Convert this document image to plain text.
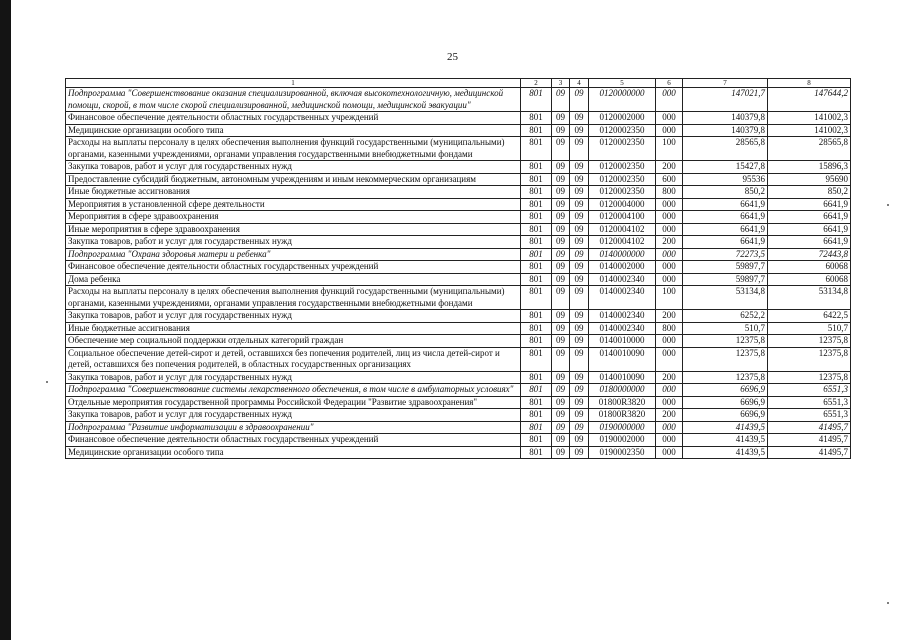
25
1	2	3	4	5	6	7	8
Подпрограмма "Совершенствование оказания специализированной, включая высокотехнологичную, медицинской помощи, скорой, в том числе скорой специализированной, медицинской помощи, медицинской эвакуации"	801	09	09	0120000000	000	147021,7	147644,2
Финансовое обеспечение деятельности областных государственных учреждений	801	09	09	0120002000	000	140379,8	141002,3
Медицинские организации особого типа	801	09	09	0120002350	000	140379,8	141002,3
Расходы на выплаты персоналу в целях обеспечения выполнения функций государственными (муниципальными) органами, казенными учреждениями, органами управления государственными внебюджетными фондами	801	09	09	0120002350	100	28565,8	28565,8
Закупка товаров, работ и услуг для государственных нужд	801	09	09	0120002350	200	15427,8	15896,3
Предоставление субсидий бюджетным, автономным учреждениям и иным некоммерческим организациям	801	09	09	0120002350	600	95536	95690
Иные бюджетные ассигнования	801	09	09	0120002350	800	850,2	850,2
Мероприятия в установленной сфере деятельности	801	09	09	0120004000	000	6641,9	6641,9
Мероприятия в сфере здравоохранения	801	09	09	0120004100	000	6641,9	6641,9
Иные мероприятия в сфере здравоохранения	801	09	09	0120004102	000	6641,9	6641,9
Закупка товаров, работ и услуг для государственных нужд	801	09	09	0120004102	200	6641,9	6641,9
Подпрограмма "Охрана здоровья матери и ребенка"	801	09	09	0140000000	000	72273,5	72443,8
Финансовое обеспечение деятельности областных государственных учреждений	801	09	09	0140002000	000	59897,7	60068
Дома ребенка	801	09	09	0140002340	000	59897,7	60068
Расходы на выплаты персоналу в целях обеспечения выполнения функций государственными (муниципальными) органами, казенными учреждениями, органами управления государственными внебюджетными фондами	801	09	09	0140002340	100	53134,8	53134,8
Закупка товаров, работ и услуг для государственных нужд	801	09	09	0140002340	200	6252,2	6422,5
Иные бюджетные ассигнования	801	09	09	0140002340	800	510,7	510,7
Обеспечение мер социальной поддержки отдельных категорий граждан	801	09	09	0140010000	000	12375,8	12375,8
Социальное обеспечение детей-сирот и детей, оставшихся без попечения родителей, лиц из числа детей-сирот и детей, оставшихся без попечения родителей, в областных государственных организациях	801	09	09	0140010090	000	12375,8	12375,8
Закупка товаров, работ и услуг для государственных нужд	801	09	09	0140010090	200	12375,8	12375,8
Подпрограмма "Совершенствование системы лекарственного обеспечения, в том числе в амбулаторных условиях"	801	09	09	0180000000	000	6696,9	6551,3
Отдельные мероприятия государственной программы Российской Федерации "Развитие здравоохранения"	801	09	09	01800R3820	000	6696,9	6551,3
Закупка товаров, работ и услуг для государственных нужд	801	09	09	01800R3820	200	6696,9	6551,3
Подпрограмма "Развитие информатизации в здравоохранении"	801	09	09	0190000000	000	41439,5	41495,7
Финансовое обеспечение деятельности областных государственных учреждений	801	09	09	0190002000	000	41439,5	41495,7
Медицинские организации особого типа	801	09	09	0190002350	000	41439,5	41495,7
